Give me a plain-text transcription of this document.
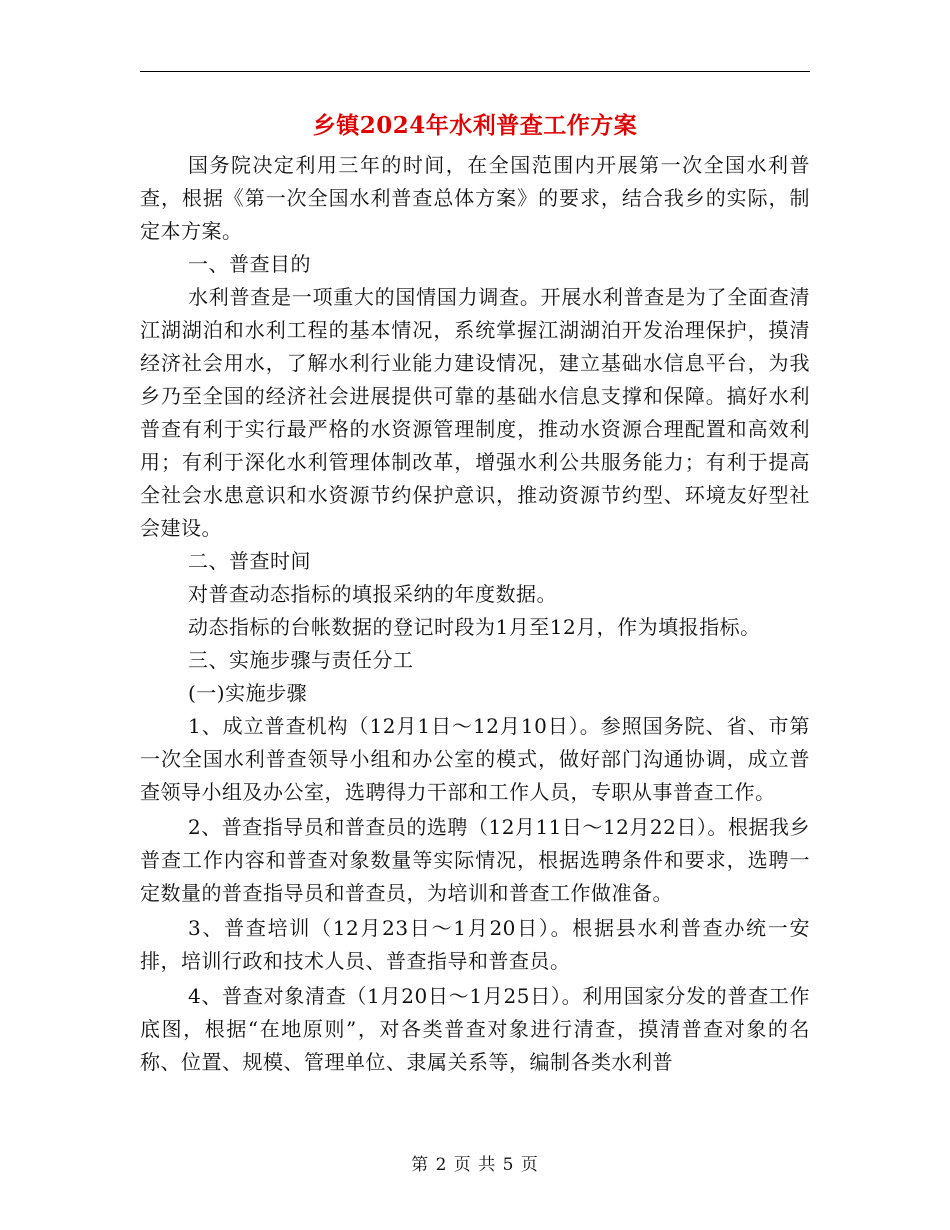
乡镇2024年水利普查工作方案

国务院决定利用三年的时间，在全国范围内开展第一次全国水利普查，根据《第一次全国水利普查总体方案》的要求，结合我乡的实际，制定本方案。

一、普查目的

水利普查是一项重大的国情国力调查。开展水利普查是为了全面查清江湖湖泊和水利工程的基本情况，系统掌握江湖湖泊开发治理保护，摸清经济社会用水，了解水利行业能力建设情况，建立基础水信息平台，为我乡乃至全国的经济社会进展提供可靠的基础水信息支撑和保障。搞好水利普查有利于实行最严格的水资源管理制度，推动水资源合理配置和高效利用；有利于深化水利管理体制改革，增强水利公共服务能力；有利于提高全社会水患意识和水资源节约保护意识，推动资源节约型、环境友好型社会建设。

二、普查时间

对普查动态指标的填报采纳的年度数据。

动态指标的台帐数据的登记时段为1月至12月，作为填报指标。

三、实施步骤与责任分工

(一)实施步骤

1、成立普查机构（12月1日～12月10日）。参照国务院、省、市第一次全国水利普查领导小组和办公室的模式，做好部门沟通协调，成立普查领导小组及办公室，选聘得力干部和工作人员，专职从事普查工作。

2、普查指导员和普查员的选聘（12月11日～12月22日）。根据我乡普查工作内容和普查对象数量等实际情况，根据选聘条件和要求，选聘一定数量的普查指导员和普查员，为培训和普查工作做准备。

3、普查培训（12月23日～1月20日）。根据县水利普查办统一安排，培训行政和技术人员、普查指导和普查员。

4、普查对象清查（1月20日～1月25日）。利用国家分发的普查工作底图，根据“在地原则”，对各类普查对象进行清查，摸清普查对象的名称、位置、规模、管理单位、隶属关系等，编制各类水利普

第 2 页 共 5 页
